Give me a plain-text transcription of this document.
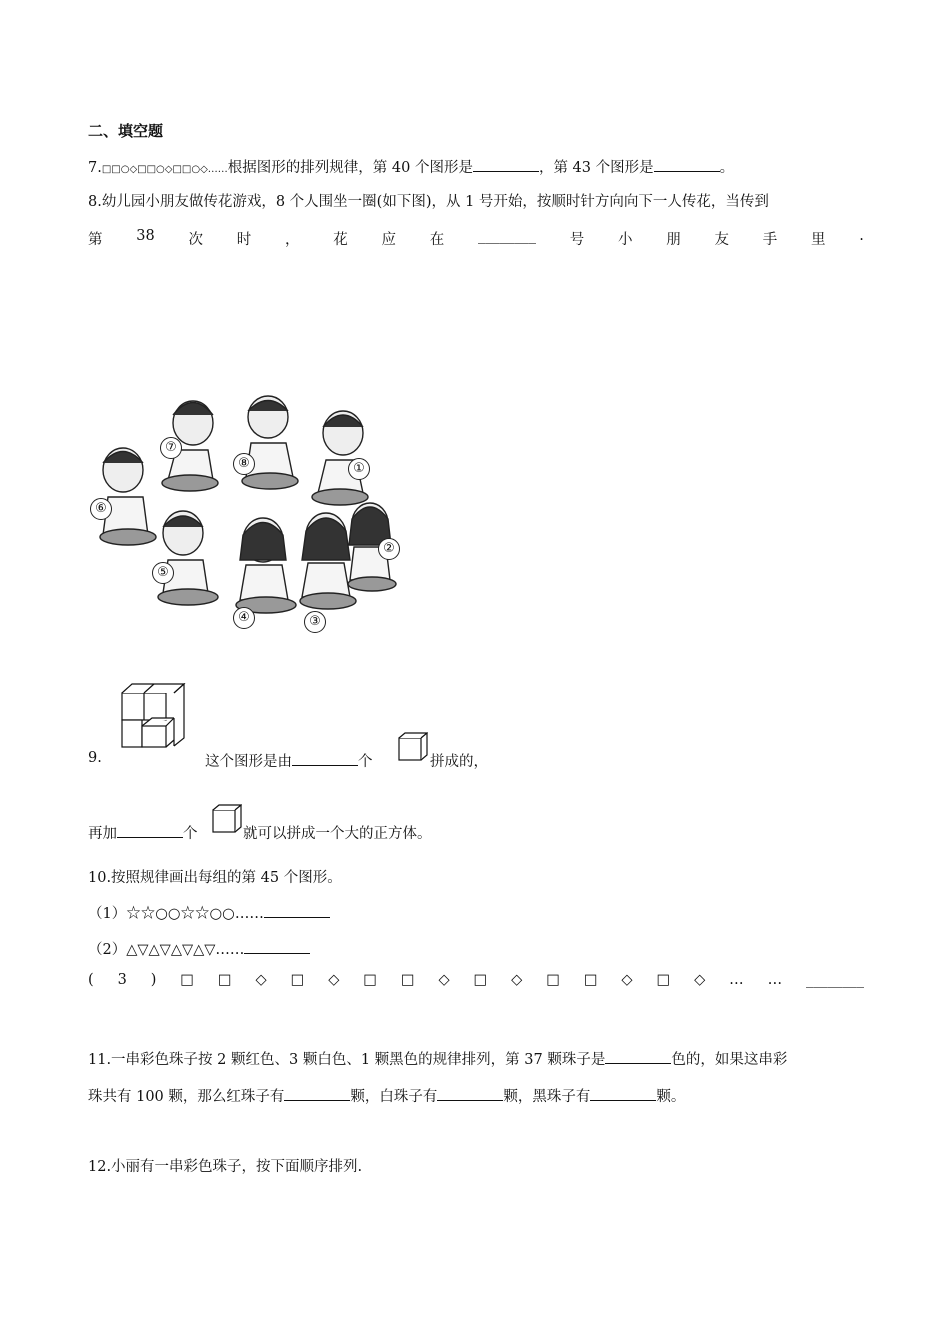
二、填空题
7.□□○◇□□○◇□□○◇……根据图形的排列规律，第 40 个图形是	，第 43 个图形是	。
8.幼儿园小朋友做传花游戏，8 个人围坐一圈(如下图)，从 1 号开始，按顺时针方向向下一人传花，当传到
第 38 次 时 ， 花 应 在 ________ 号 小 朋 友 手 里 .
⑦
⑧	①
⑥
②
⑤
④	③
9.	这个图形是由	个	拼成的，
再加	个	就可以拼成一个大的正方体。
10.按照规律画出每组的第 45 个图形。
（1）☆☆○○☆☆○○……
（2）△▽△▽△▽△▽……
( 3 ) □ □ ◇ □ ◇ □ □ ◇ □ ◇ □ □ ◇ □ ◇ … … ________
11.一串彩色珠子按 2 颗红色、3 颗白色、1 颗黑色的规律排列，第 37 颗珠子是	色的，如果这串彩
珠共有 100 颗，那么红珠子有	颗，白珠子有	颗，黑珠子有	颗。
12.小丽有一串彩色珠子，按下面顺序排列.
